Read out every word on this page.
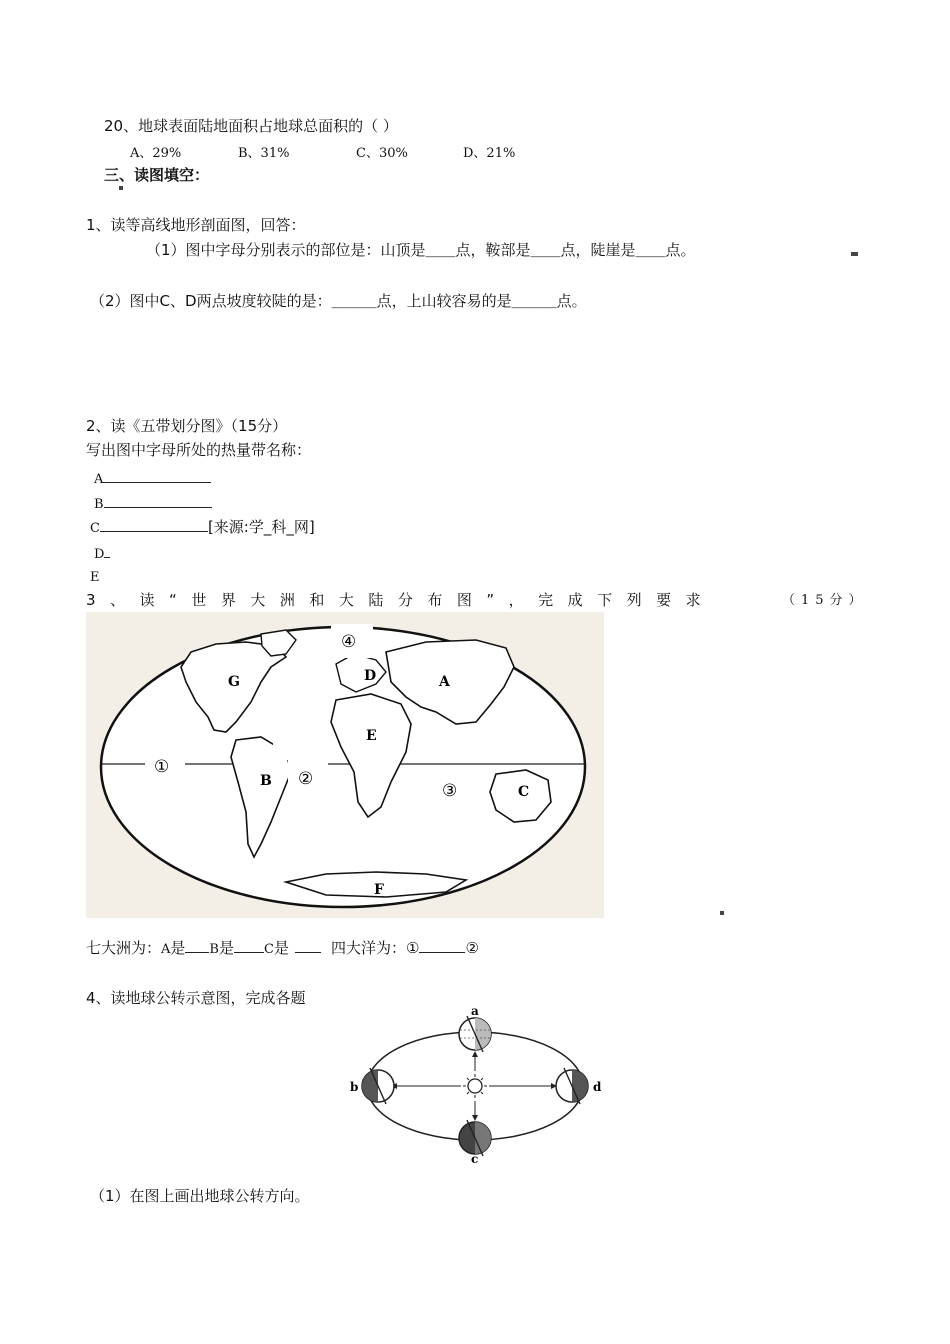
20、地球表面陆地面积占地球总面积的（ ）
A、29%	B、31%	C、30%	D、21%
三、读图填空：
1、读等高线地形剖面图，回答：
（1）图中字母分别表示的部位是：山顶是＿＿点，鞍部是＿＿点，陡崖是＿＿点。
（2）图中C、D两点坡度较陡的是：＿＿＿点，上山较容易的是＿＿＿点。
2、读《五带划分图》（15分）
写出图中字母所处的热量带名称：
A
B
C	[来源:学_科_网]
D
E
3、读“世界大洲和大陆分布图”，完成下列要求	（15分）
A
B
C
D
E
F
G
①
②
③
④
七大洲为：A是 B是 C是	四大洋为：①	②
4、读地球公转示意图，完成各题
a
b
c
d
（1）在图上画出地球公转方向。
